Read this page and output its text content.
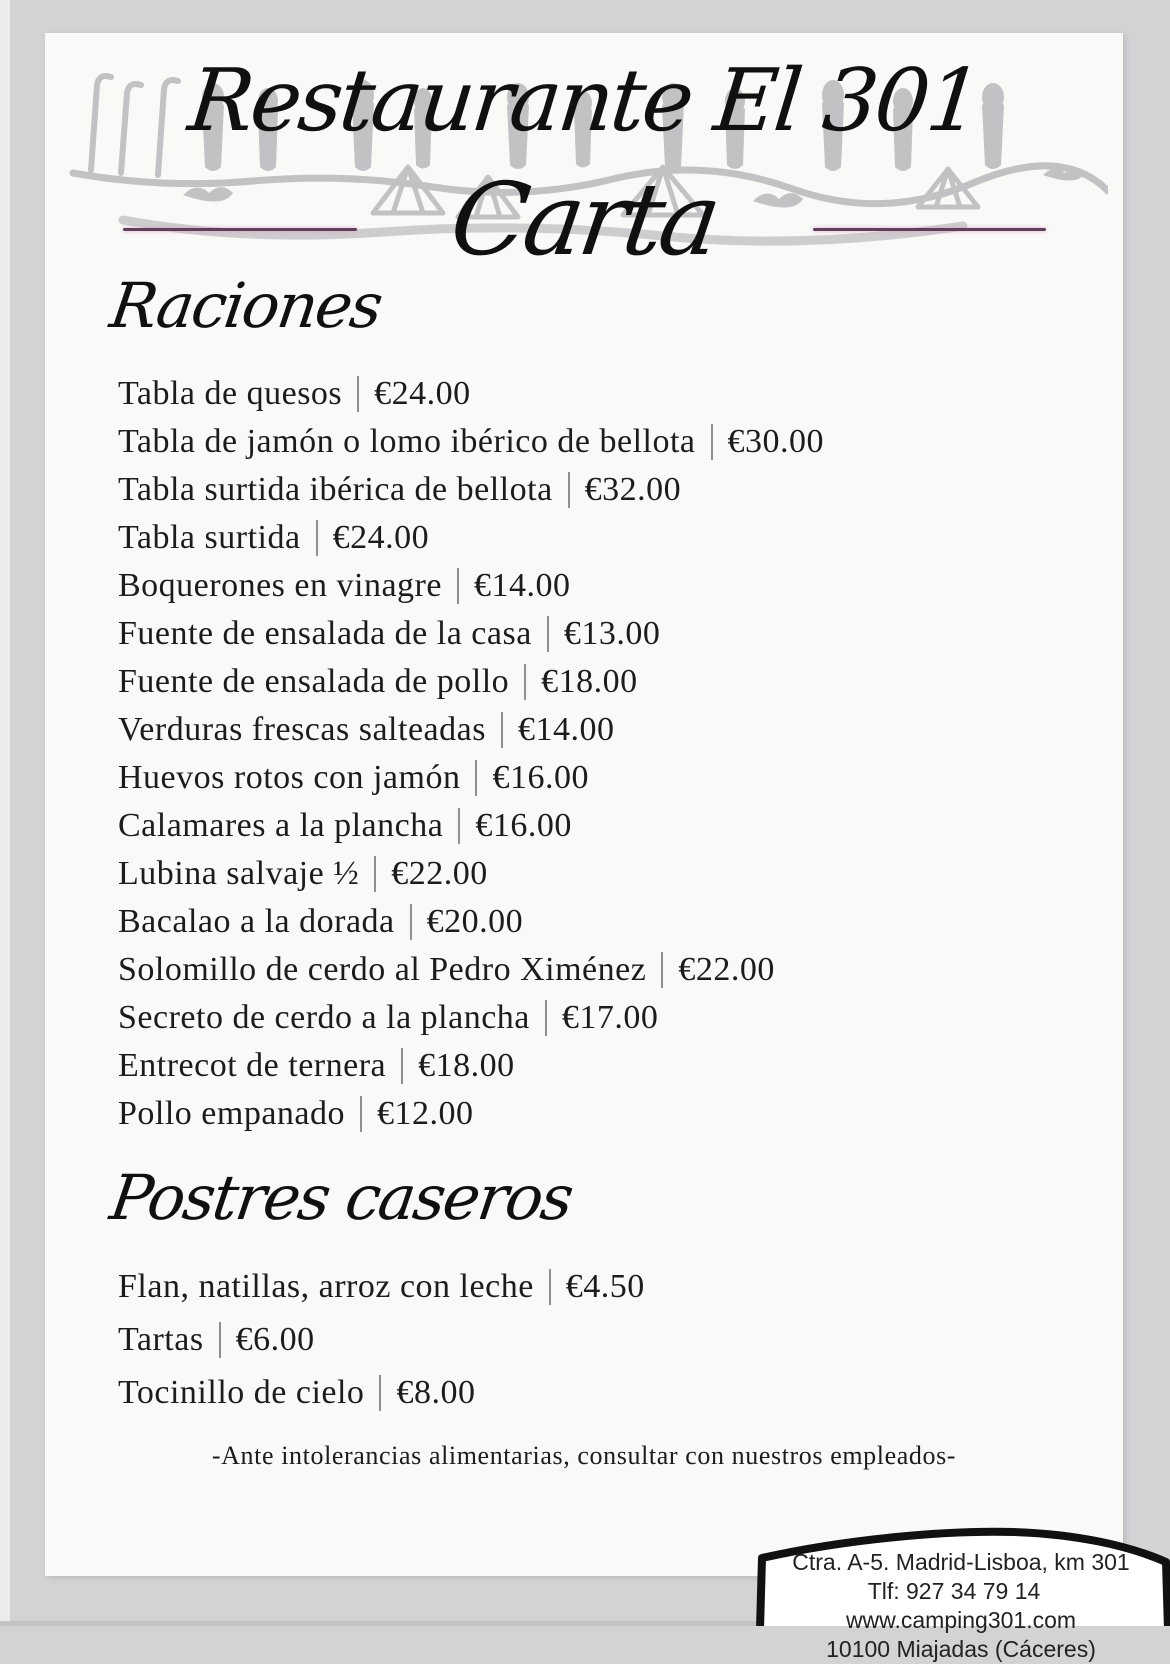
Restaurante El 301
Carta
Raciones
Tabla de quesos €24.00
Tabla de jamón o lomo ibérico de bellota €30.00
Tabla surtida ibérica de bellota €32.00
Tabla surtida €24.00
Boquerones en vinagre €14.00
Fuente de ensalada de la casa €13.00
Fuente de ensalada de pollo €18.00
Verduras frescas salteadas €14.00
Huevos rotos con jamón €16.00
Calamares a la plancha €16.00
Lubina salvaje ½ €22.00
Bacalao a la dorada €20.00
Solomillo de cerdo al Pedro Ximénez €22.00
Secreto de cerdo a la plancha €17.00
Entrecot de ternera €18.00
Pollo empanado €12.00
Postres caseros
Flan, natillas, arroz con leche €4.50
Tartas €6.00
Tocinillo de cielo €8.00
-Ante intolerancias alimentarias, consultar con nuestros empleados-
Ctra. A-5. Madrid-Lisboa, km 301
Tlf: 927 34 79 14www.camping301.com
10100 Miajadas (Cáceres)
